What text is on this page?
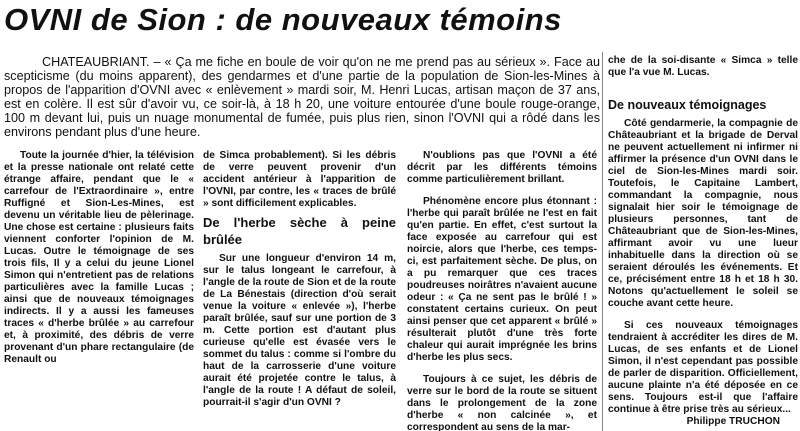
OVNI de Sion : de nouveaux témoins

CHATEAUBRIANT. – « Ça me fiche en boule de voir qu'on ne me prend pas au sérieux ». Face au scepticisme (du moins apparent), des gendarmes et d'une partie de la population de Sion-les-Mines à propos de l'apparition d'OVNI avec « enlèvement » mardi soir, M. Henri Lucas, artisan maçon de 37 ans, est en colère. Il est sûr d'avoir vu, ce soir-là, à 18 h 20, une voiture entourée d'une boule rouge-orange, 100 m devant lui, puis un nuage monumental de fumée, puis plus rien, sinon l'OVNI qui a rôdé dans les environs pendant plus d'une heure.

Toute la journée d'hier, la télévision et la presse nationale ont relaté cette étrange affaire, pendant que le « carrefour de l'Extraordinaire », entre Ruffigné et Sion-Les-Mines, est devenu un véritable lieu de pèlerinage. Une chose est certaine : plusieurs faits viennent conforter l'opinion de M. Lucas. Outre le témoignage de ses trois fils, Il y a celui du jeune Lionel Simon qui n'entretient pas de relations particulières avec la famille Lucas ; ainsi que de nouveaux témoignages indirects. Il y a aussi les fameuses traces « d'herbe brûlée » au carrefour et, à proximité, des débris de verre provenant d'un phare rectangulaire (de Renault ou

de Simca probablement). Si les débris de verre peuvent provenir d'un accident antérieur à l'apparition de l'OVNI, par contre, les « traces de brûlé » sont difficilement explicables.

De l'herbe sèche à peine brûlée

Sur une longueur d'environ 14 m, sur le talus longeant le carrefour, à l'angle de la route de Sion et de la route de La Bénestais (direction d'où serait venue la voiture « enlevée »), l'herbe paraît brûlée, sauf sur une portion de 3 m. Cette portion est d'autant plus curieuse qu'elle est évasée vers le sommet du talus : comme si l'ombre du haut de la carrosserie d'une voiture aurait été projetée contre le talus, à l'angle de la route ! A défaut de soleil, pourrait-il s'agir d'un OVNI ?

N'oublions pas que l'OVNI a été décrit par les différents témoins comme particulièrement brillant.

Phénomène encore plus étonnant : l'herbe qui paraît brûlée ne l'est en fait qu'en partie. En effet, c'est surtout la face exposée au carrefour qui est noircie, alors que l'herbe, ces temps-ci, est parfaitement sèche. De plus, on a pu remarquer que ces traces poudreuses noirâtres n'avaient aucune odeur : « Ça ne sent pas le brûlé ! » constatent certains curieux. On peut ainsi penser que cet apparent « brûlé » résulterait plutôt d'une très forte chaleur qui aurait imprégnée les brins d'herbe les plus secs.

Toujours à ce sujet, les débris de verre sur le bord de la route se situent dans le prolongement de la zone d'herbe « non calcinée », et correspondent au sens de la mar-

che de la soi-disante « Simca » telle que l'a vue M. Lucas.

De nouveaux témoignages

Côté gendarmerie, la compagnie de Châteaubriant et la brigade de Derval ne peuvent actuellement ni infirmer ni affirmer la présence d'un OVNI dans le ciel de Sion-les-Mines mardi soir. Toutefois, le Capitaine Lambert, commandant la compagnie, nous signalait hier soir le témoignage de plusieurs personnes, tant de Châteaubriant que de Sion-les-Mines, affirmant avoir vu une lueur inhabituelle dans la direction où se seraient déroulés les événements. Et ce, précisément entre 18 h et 18 h 30. Notons qu'actuellement le soleil se couche avant cette heure.

Si ces nouveaux témoignages tendraient à accréditer les dires de M. Lucas, de ses enfants et de Lionel Simon, il n'est cependant pas possible de parler de disparition. Officiellement, aucune plainte n'a été déposée en ce sens. Toujours est-il que l'affaire continue à être prise très au sérieux...

Philippe TRUCHON
